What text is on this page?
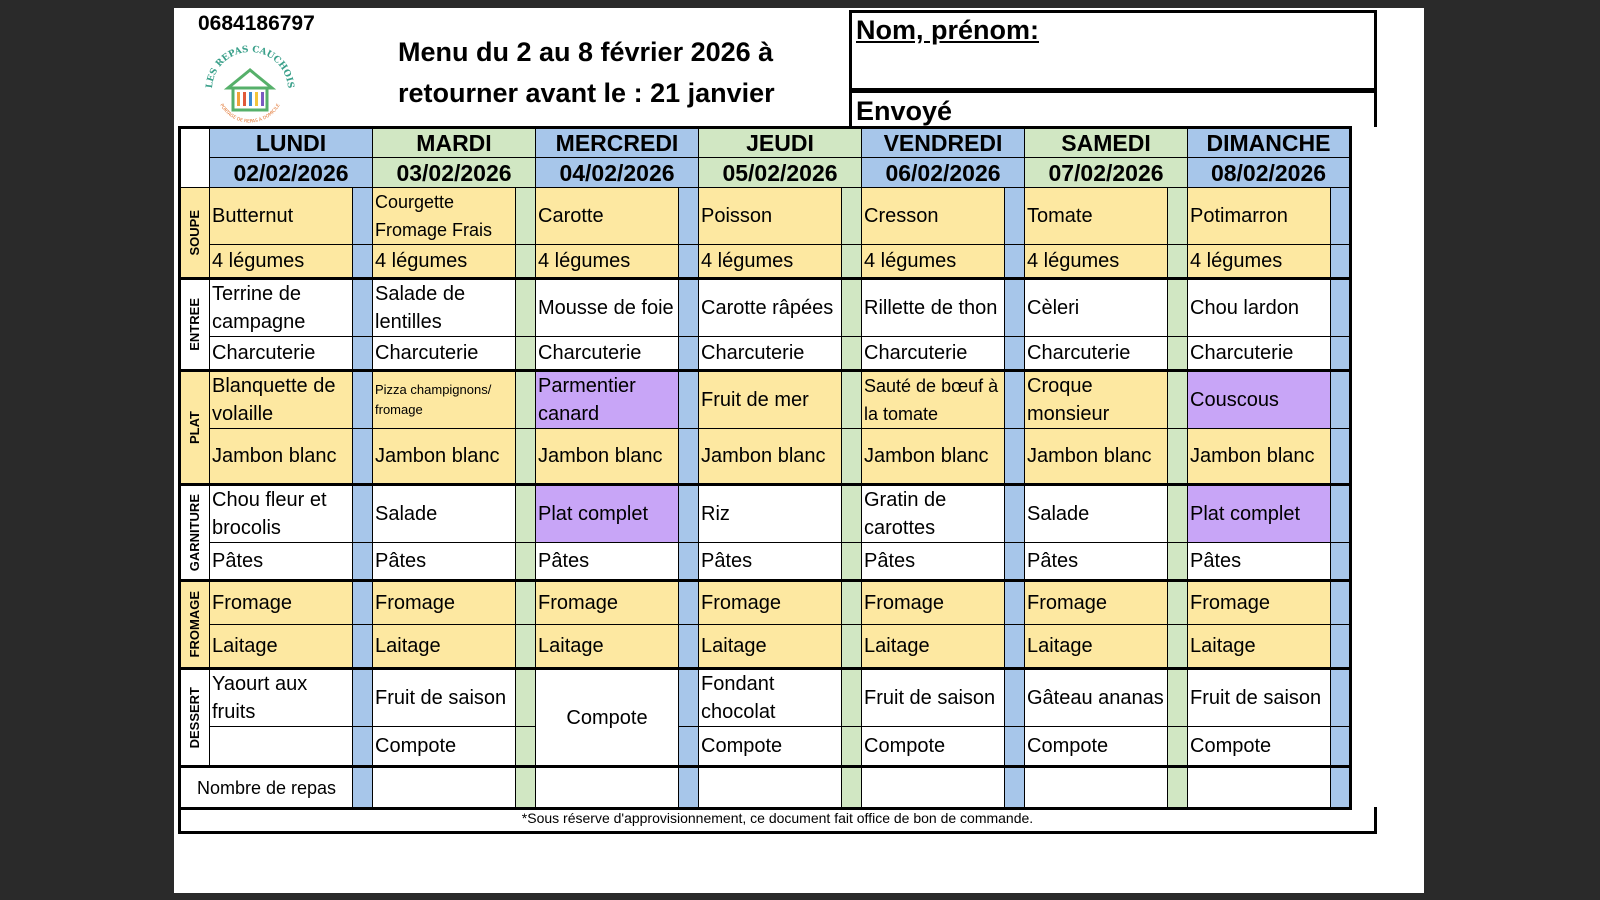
0684186797
LES REPAS CAUCHOIS
PORTAGE DE REPAS À DOMICILE
Menu du 2 au 8 février 2026 à
retourner avant le : 21 janvier
Nom, prénom:
Envoyé
	LUNDI		MARDI		MERCREDI		JEUDI		VENDREDI		SAMEDI		DIMANCHE	
	02/02/2026		03/02/2026		04/02/2026		05/02/2026		06/02/2026		07/02/2026		08/02/2026	

SOUPE	Butternut		Courgette Fromage Frais		Carotte		Poisson		Cresson		Tomate		Potimarron	
	4 légumes		4 légumes		4 légumes		4 légumes		4 légumes		4 légumes		4 légumes	

ENTREE	Terrine de campagne		Salade de lentilles		Mousse de foie		Carotte râpées		Rillette de thon		Cèleri		Chou lardon	
	Charcuterie		Charcuterie		Charcuterie		Charcuterie		Charcuterie		Charcuterie		Charcuterie	

PLAT	Blanquette de volaille		Pizza champignons/ fromage		Parmentier canard		Fruit de mer		Sauté de bœuf à la tomate		Croque monsieur		Couscous	
	Jambon blanc		Jambon blanc		Jambon blanc		Jambon blanc		Jambon blanc		Jambon blanc		Jambon blanc	

GARNITURE	Chou fleur et brocolis		Salade		Plat complet		Riz		Gratin de carottes		Salade		Plat complet	
	Pâtes		Pâtes		Pâtes		Pâtes		Pâtes		Pâtes		Pâtes	

FROMAGE	Fromage		Fromage		Fromage		Fromage		Fromage		Fromage		Fromage	
	Laitage		Laitage		Laitage		Laitage		Laitage		Laitage		Laitage	

DESSERT	Yaourt aux fruits		Fruit de saison		Compote		Fondant chocolat		Fruit de saison		Gâteau ananas		Fruit de saison	
			Compote				Compote		Compote		Compote		Compote	
Nombre de repas														
*Sous réserve d'approvisionnement, ce document fait office de bon de commande.
